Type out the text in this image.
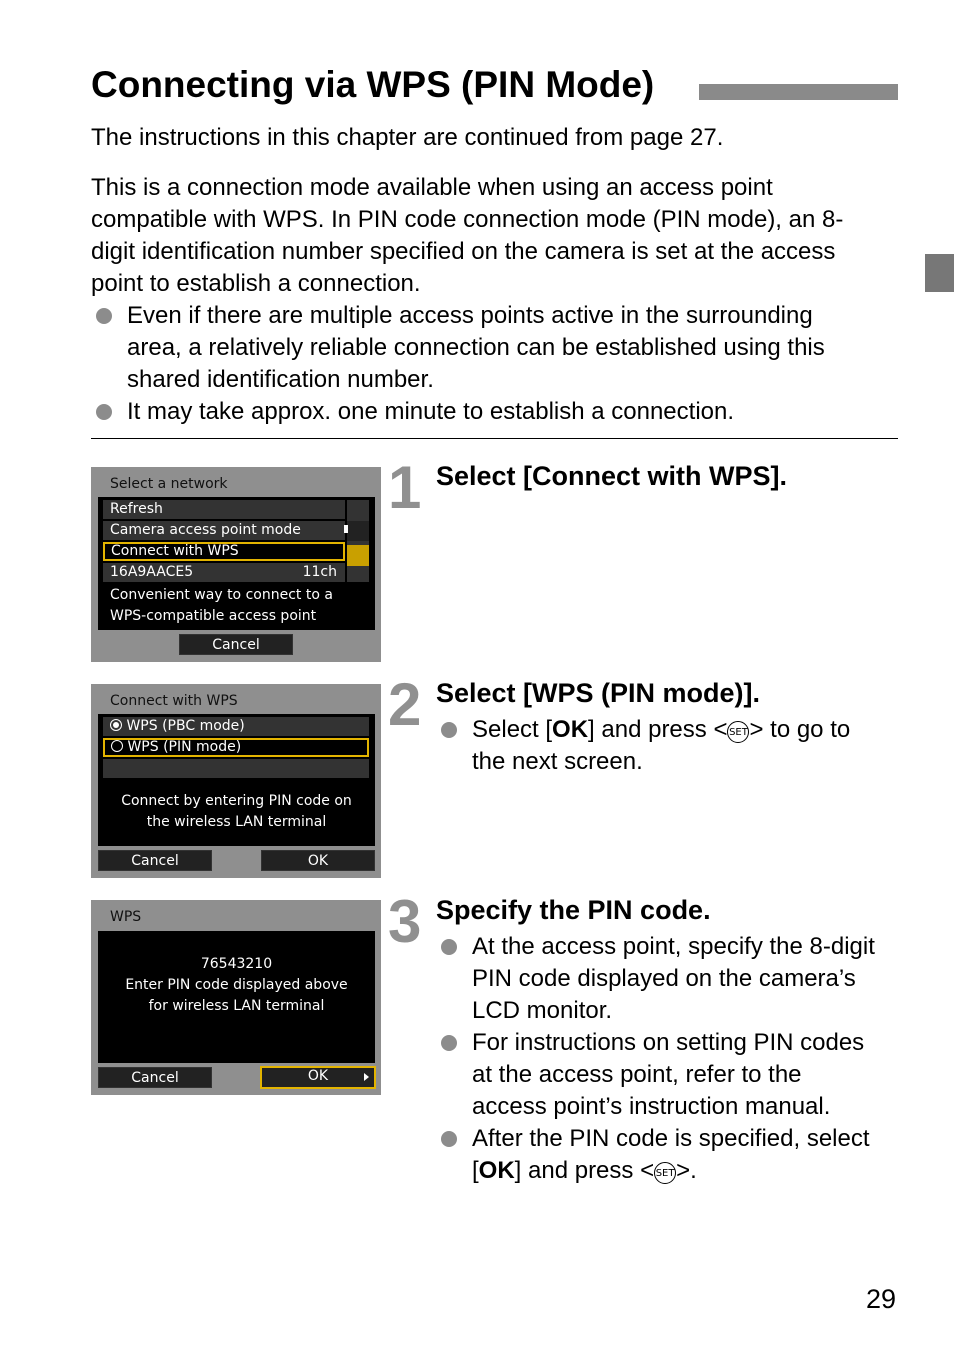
Connecting via WPS (PIN Mode)
The instructions in this chapter are continued from page 27.

This is a connection mode available when using an access point

compatible with WPS. In PIN code connection mode (PIN mode), an 8-

digit identification number specified on the camera is set at the access

point to establish a connection.

Even if there are multiple access points active in the surrounding
area, a relatively reliable connection can be established using this
shared identification number.
It may take approx. one minute to establish a connection.
Select a network
Refresh
Camera access point mode
Connect with WPS
16A9AACE5	11ch
Convenient way to connect to a
WPS-compatible access point
Cancel
Connect with WPS
WPS (PBC mode)
WPS (PIN mode)
Connect by entering PIN code on
the wireless LAN terminal
Cancel	OK
WPS
76543210
Enter PIN code displayed above
for wireless LAN terminal
Cancel	OK
1 Select [Connect with WPS].
2 Select [WPS (PIN mode)].

Select [OK] and press < SET> to go to

the next screen.

3 Specify the PIN code.

At the access point, specify the 8-digit

PIN code displayed on the camera’s

LCD monitor.

For instructions on setting PIN codes

at the access point, refer to the

access point’s instruction manual.

After the PIN code is specified, select

[OK] and press < SET>.

29
